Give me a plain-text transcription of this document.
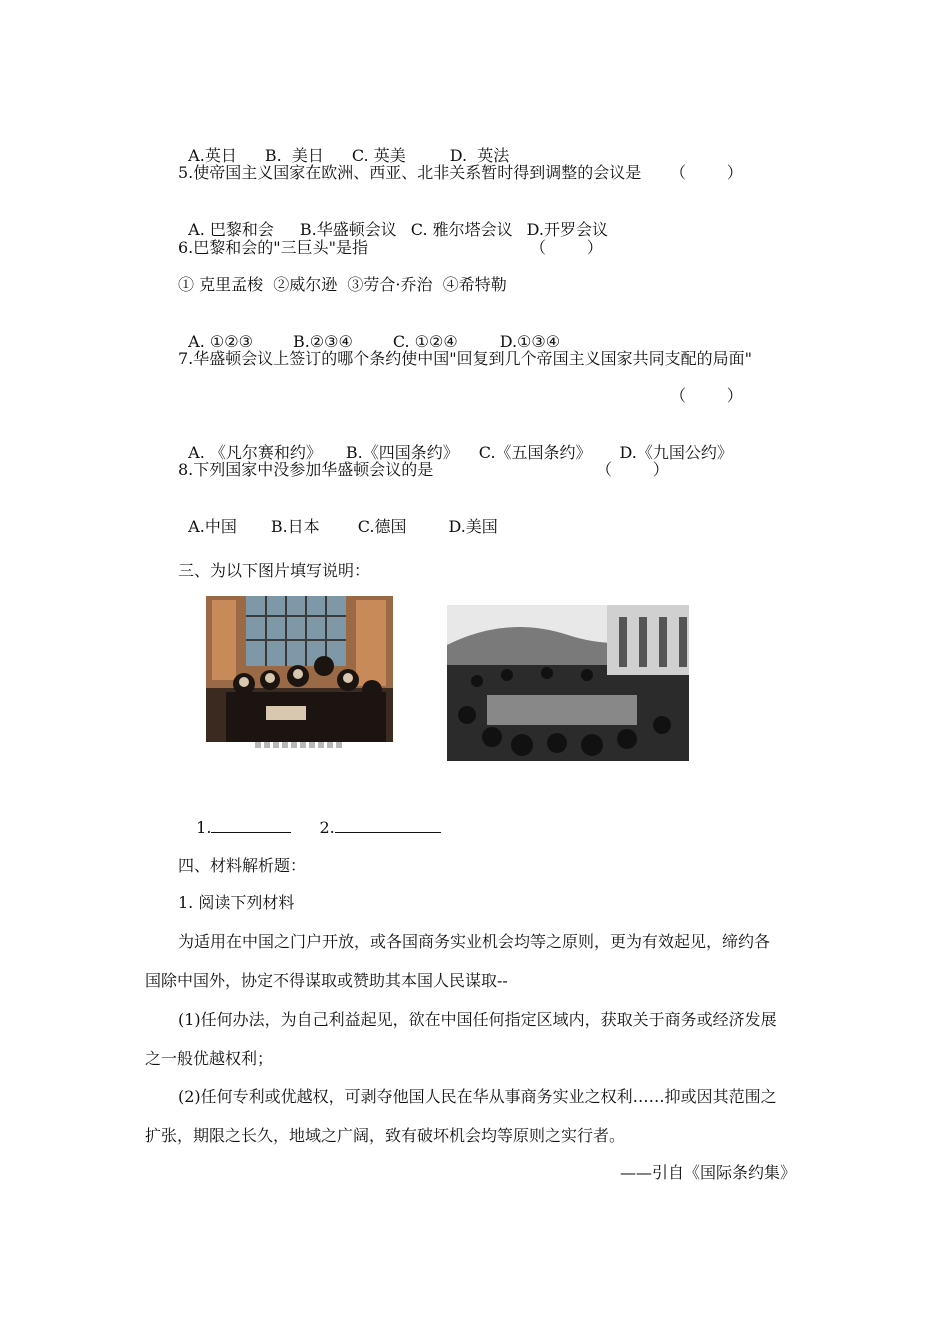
A.英日 B.  美日 C. 英美	D.  英法

5.使帝国主义国家在欧洲、西亚、北非关系暂时得到调整的会议是 （        ）

A. 巴黎和会 B.华盛顿会议 C. 雅尔塔会议 D.开罗会议

6.巴黎和会的"三巨头"是指	（        ）
① 克里孟梭  ②威尔逊  ③劳合·乔治  ④希特勒

A. ①②③	B.②③④	C. ①②④	D.①③④

7.华盛顿会议上签订的哪个条约使中国"回复到几个帝国主义国家共同支配的局面"
（        ）

A. 《凡尔赛和约》 B.《四国条约》 C.《五国条约》 D.《九国公约》

8.下列国家中没参加华盛顿会议的是	（        ）

A.中国 B.日本 C.德国	D.美国

三、为以下图片填写说明：

1.	2.

四、材料解析题：
1. 阅读下列材料
为适用在中国之门户开放，或各国商务实业机会均等之原则，更为有效起见，缔约各
国除中国外，协定不得谋取或赞助其本国人民谋取--
(1)任何办法，为自己利益起见，欲在中国任何指定区域内，获取关于商务或经济发展
之一般优越权利；
(2)任何专利或优越权，可剥夺他国人民在华从事商务实业之权利……抑或因其范围之
扩张，期限之长久，地域之广阔，致有破坏机会均等原则之实行者。
——引自《国际条约集》
